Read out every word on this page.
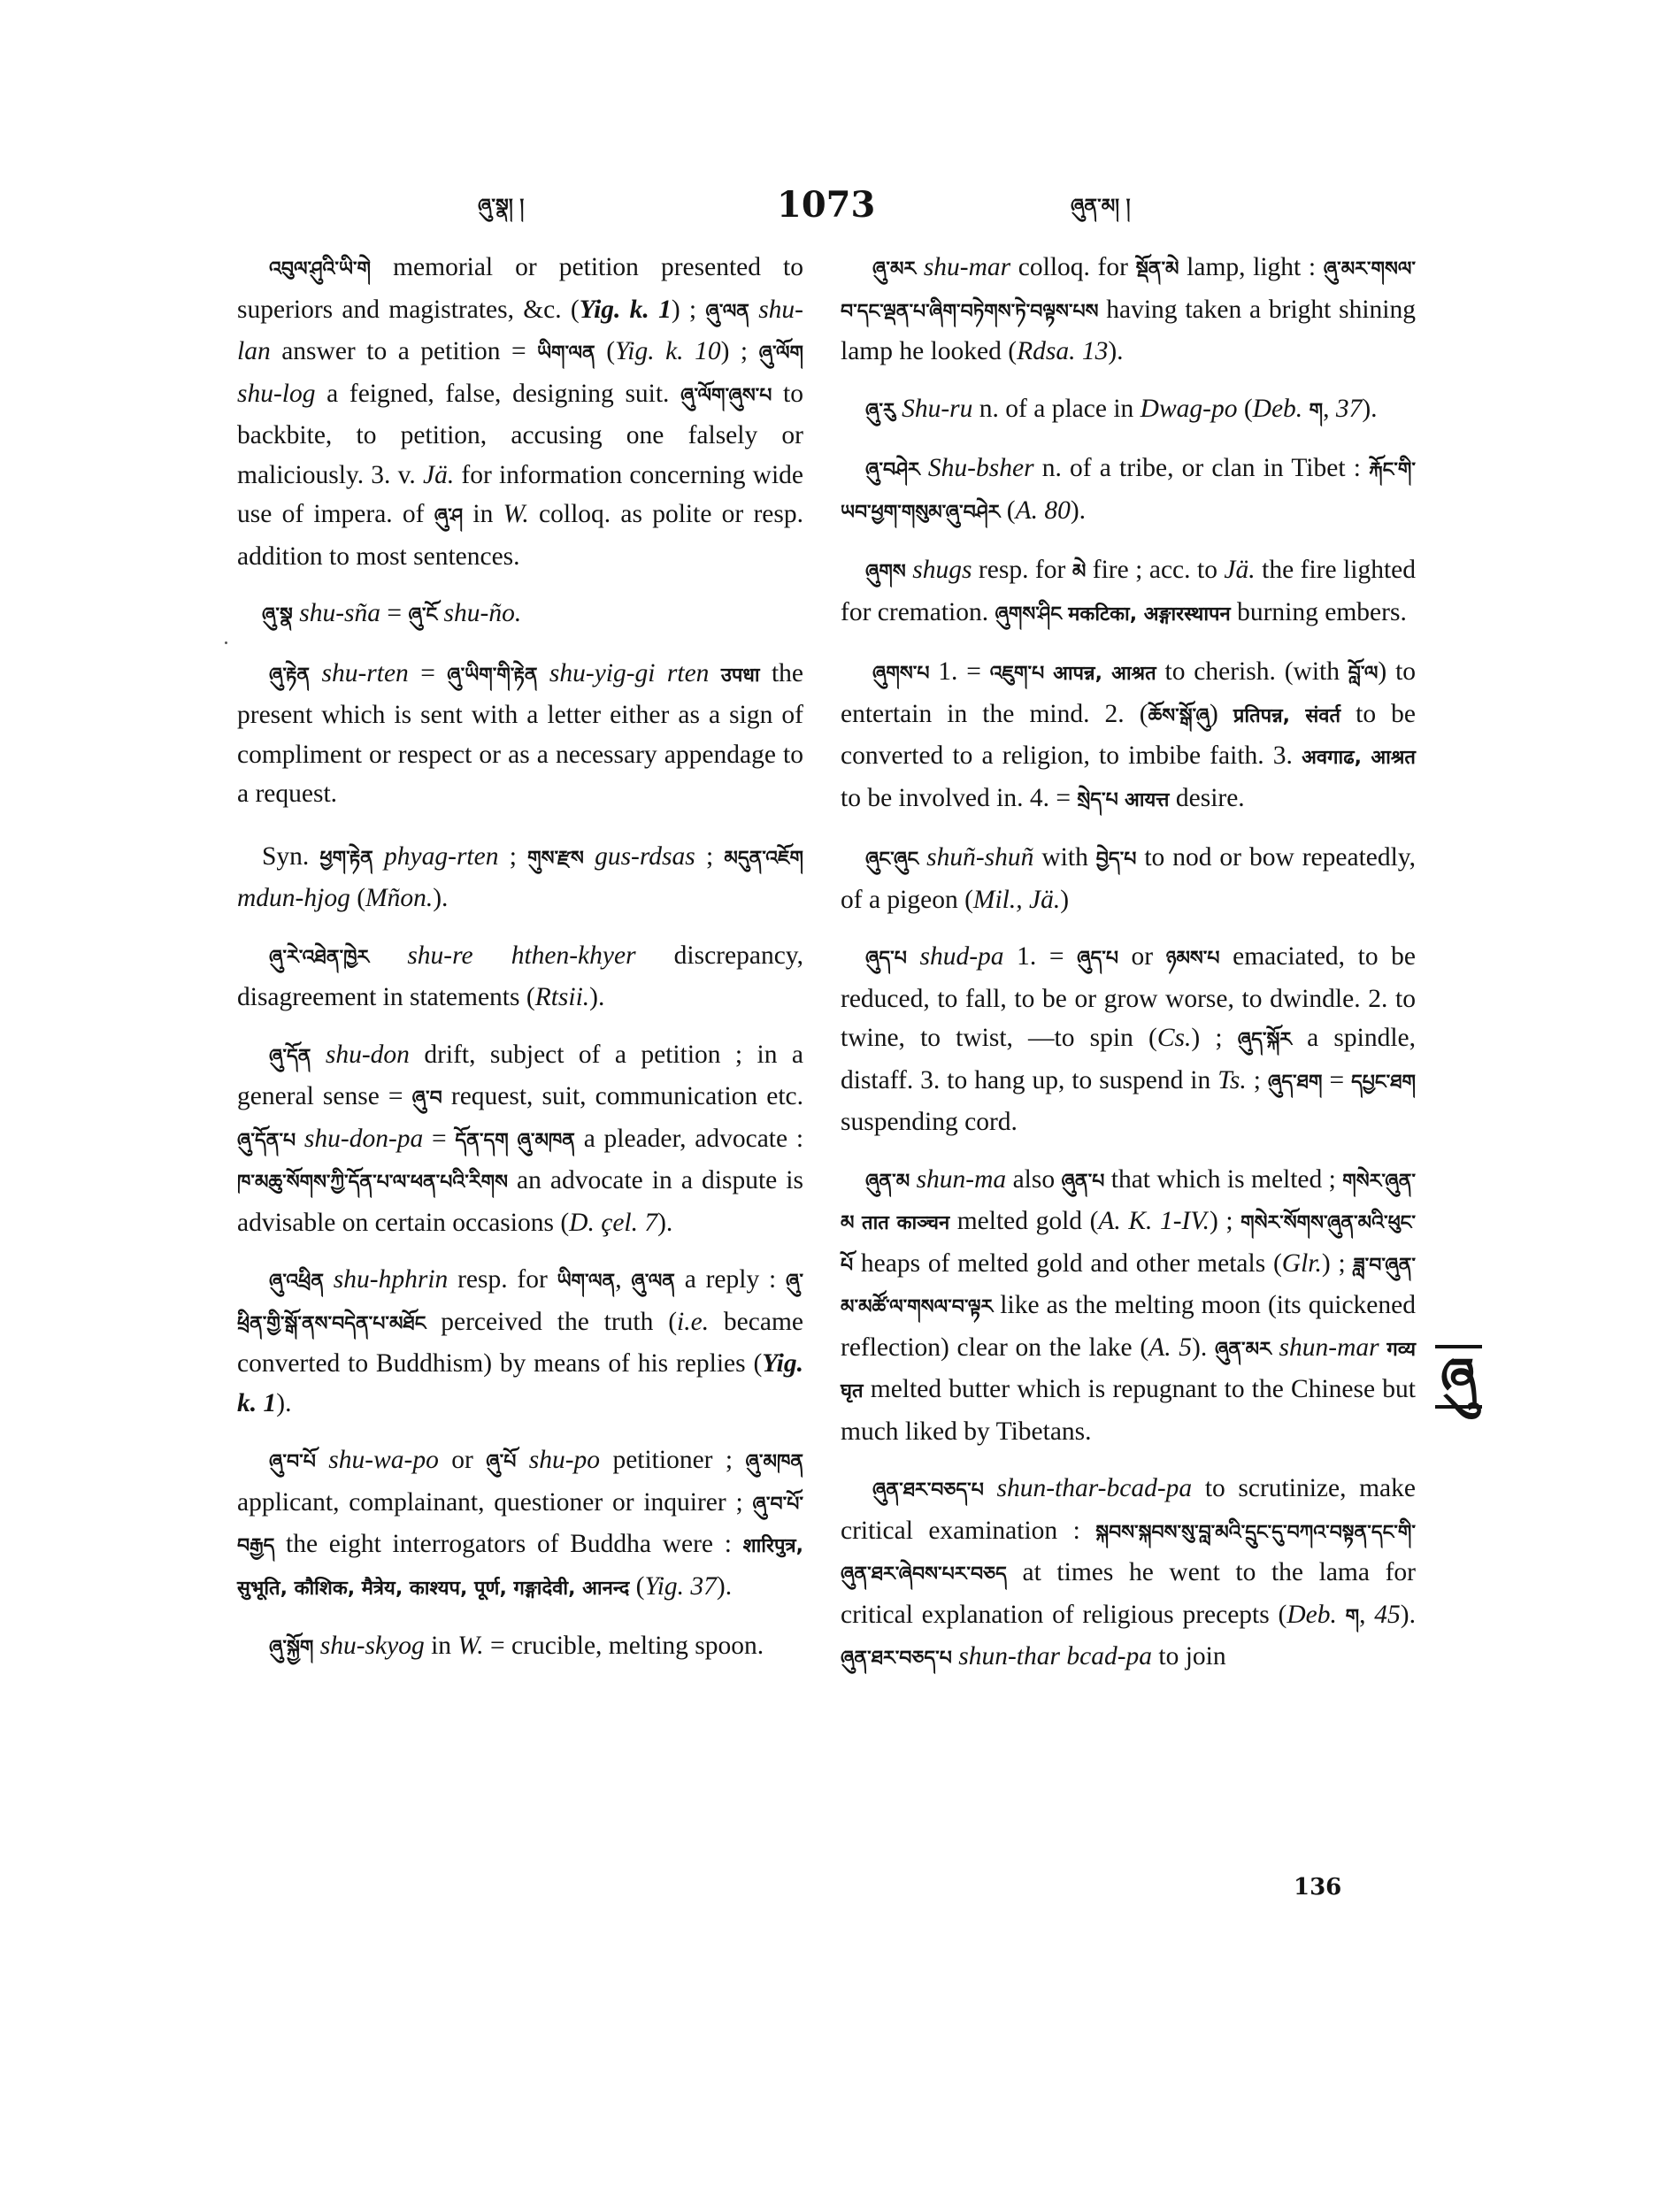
ཞུ་སྣ། །	1073	ཞུན་མ། །

འབུལ་ཤུའི་ཡི་གེ memorial or petition presented to superiors and magistrates, &c. (Yig. k. 1) ; ཞུ་ལན shu-lan answer to a petition = ཡིག་ལན (Yig. k. 10) ; ཞུ་ལོག shu-log a feigned, false, designing suit. ཞུ་ལོག་ཞུས་པ to backbite, to petition, accusing one falsely or maliciously. 3. v. Jä. for information concerning wide use of impera. of ཞུ་ཤ in W. colloq. as polite or resp. addition to most sentences.

ཞུ་སྣ shu-sña = ཞུ་ངོ shu-ño.

ཞུ་རྟེན shu-rten = ཞུ་ཡིག་གི་རྟེན shu-yig-gi rten उपधा the present which is sent with a letter either as a sign of compliment or respect or as a necessary appendage to a request.

Syn. ཕྱག་རྟེན phyag-rten ; གུས་རྫས gus-rdsas ; མདུན་འཇོག mdun-hjog (Mñon.).

ཞུ་རེ་འཐེན་ཁྱེར shu-re hthen-khyer discrepancy, disagreement in statements (Rtsii.).

ཞུ་དོན shu-don drift, subject of a petition ; in a general sense = ཞུ་བ request, suit, communication etc. ཞུ་དོན་པ shu-don-pa = དོན་དག ཞུ་མཁན a pleader, advocate : ཁ་མཆུ་སོགས་ཀྱི་དོན་པ་ལ་ཕན་པའི་རིགས an advocate in a dispute is advisable on certain occasions (D. çel. 7).

ཞུ་འཕྲིན shu-hphrin resp. for ཡིག་ལན, ཞུ་ལན a reply : ཞུ་ཕྲིན་གྱི་སྒོ་ནས་བདེན་པ་མཐོང perceived the truth (i.e. became converted to Buddhism) by means of his replies (Yig. k. 1).

ཞུ་བ་པོ shu-wa-po or ཞུ་པོ shu-po petitioner ; ཞུ་མཁན applicant, complainant, questioner or inquirer ; ཞུ་བ་པོ་བརྒྱད the eight interrogators of Buddha were : शारिपुत्र, सुभूति, कौशिक, मैत्रेय, काश्यप, पूर्ण, गङ्गादेवी, आनन्द (Yig. 37).

ཞུ་སྐྱོག shu-skyog in W. = crucible, melting spoon.

ཞུ་མར shu-mar colloq. for སྡོན་མེ lamp, light : ཞུ་མར་གསལ་བ་དང་ལྡན་པ་ཞིག་བཏེགས་ཏེ་བལྟས་པས having taken a bright shining lamp he looked (Rdsa. 13).

ཞུ་རུ Shu-ru n. of a place in Dwag-po (Deb. ག, 37).

ཞུ་བཤེར Shu-bsher n. of a tribe, or clan in Tibet : རྐོང་གི་ཡབ་ཕྱག་གསུམ་ཞུ་བཤེར (A. 80).

ཞུགས shugs resp. for མེ fire ; acc. to Jä. the fire lighted for cremation. ཞུགས་ཤིང मकटिका, अङ्गारस्थापन burning embers.

ཞུགས་པ 1. = འཇུག་པ आपन्न, आश्रत to cherish. (with བློ་ལ) to entertain in the mind. 2. (ཆོས་སྒོ་ཞུ) प्रतिपन्न, संवर्त to be converted to a religion, to imbibe faith. 3. अवगाढ, आश्रत to be involved in. 4. = སྲེད་པ आयत्त desire.

ཞུང་ཞུང shuñ-shuñ with བྱེད་པ to nod or bow repeatedly, of a pigeon (Mil., Jä.)

ཞུད་པ shud-pa 1. = ཞུད་པ or ཉམས་པ emaciated, to be reduced, to fall, to be or grow worse, to dwindle. 2. to twine, to twist, —to spin (Cs.) ; ཞུད་སྐོར a spindle, distaff. 3. to hang up, to suspend in Ts. ; ཞུད་ཐག = དཔྱང་ཐག suspending cord.

ཞུན་མ shun-ma also ཞུན་པ that which is melted ; གསེར་ཞུན་མ तात काञ्चन melted gold (A. K. 1-IV.) ; གསེར་སོགས་ཞུན་མའི་ཕུང་པོ heaps of melted gold and other metals (Glr.) ; ཟླ་བ་ཞུན་མ་མཚོ་ལ་གསལ་བ་ལྟར like as the melting moon (its quickened reflection) clear on the lake (A. 5). ཞུན་མར shun-mar गव्य घृत melted butter which is repugnant to the Chinese but much liked by Tibetans.

ཞུན་ཐར་བཅད་པ shun-thar-bcad-pa to scrutinize, make critical examination : སྐབས་སྐབས་སུ་བླ་མའི་དྲུང་དུ་བཀའ་བསྟན་དང་གི་ཞུན་ཐར་ཞེབས་པར་བཅད at times he went to the lama for critical explanation of religious precepts (Deb. ག, 45). ཞུན་ཐར་བཅད་པ shun-thar bcad-pa to join

ཞུ
136
